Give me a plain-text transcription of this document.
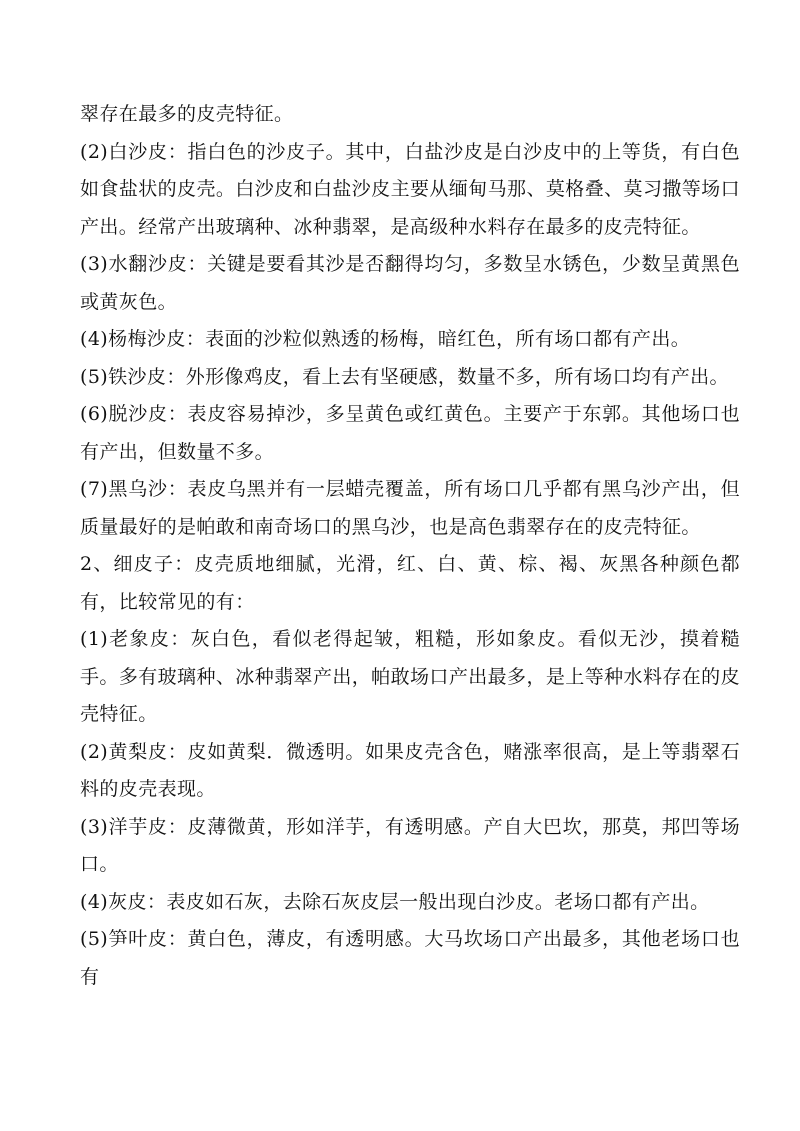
翠存在最多的皮壳特征。

(2)白沙皮：指白色的沙皮子。其中，白盐沙皮是白沙皮中的上等货，有白色如食盐状的皮壳。白沙皮和白盐沙皮主要从缅甸马那、莫格叠、莫习撒等场口产出。经常产出玻璃种、冰种翡翠，是高级种水料存在最多的皮壳特征。

(3)水翻沙皮：关键是要看其沙是否翻得均匀，多数呈水锈色，少数呈黄黑色或黄灰色。

(4)杨梅沙皮：表面的沙粒似熟透的杨梅，暗红色，所有场口都有产出。

(5)铁沙皮：外形像鸡皮，看上去有坚硬感，数量不多，所有场口均有产出。

(6)脱沙皮：表皮容易掉沙，多呈黄色或红黄色。主要产于东郭。其他场口也有产出，但数量不多。

(7)黑乌沙：表皮乌黑并有一层蜡壳覆盖，所有场口几乎都有黑乌沙产出，但质量最好的是帕敢和南奇场口的黑乌沙，也是高色翡翠存在的皮壳特征。

2、细皮子：皮壳质地细腻，光滑，红、白、黄、棕、褐、灰黑各种颜色都有，比较常见的有：

(1)老象皮：灰白色，看似老得起皱，粗糙，形如象皮。看似无沙，摸着糙手。多有玻璃种、冰种翡翠产出，帕敢场口产出最多，是上等种水料存在的皮壳特征。

(2)黄梨皮：皮如黄梨．微透明。如果皮壳含色，赌涨率很高，是上等翡翠石料的皮壳表现。

(3)洋芋皮：皮薄微黄，形如洋芋，有透明感。产自大巴坎，那莫，邦凹等场口。

(4)灰皮：表皮如石灰，去除石灰皮层一般出现白沙皮。老场口都有产出。

(5)笋叶皮：黄白色，薄皮，有透明感。大马坎场口产出最多，其他老场口也有
